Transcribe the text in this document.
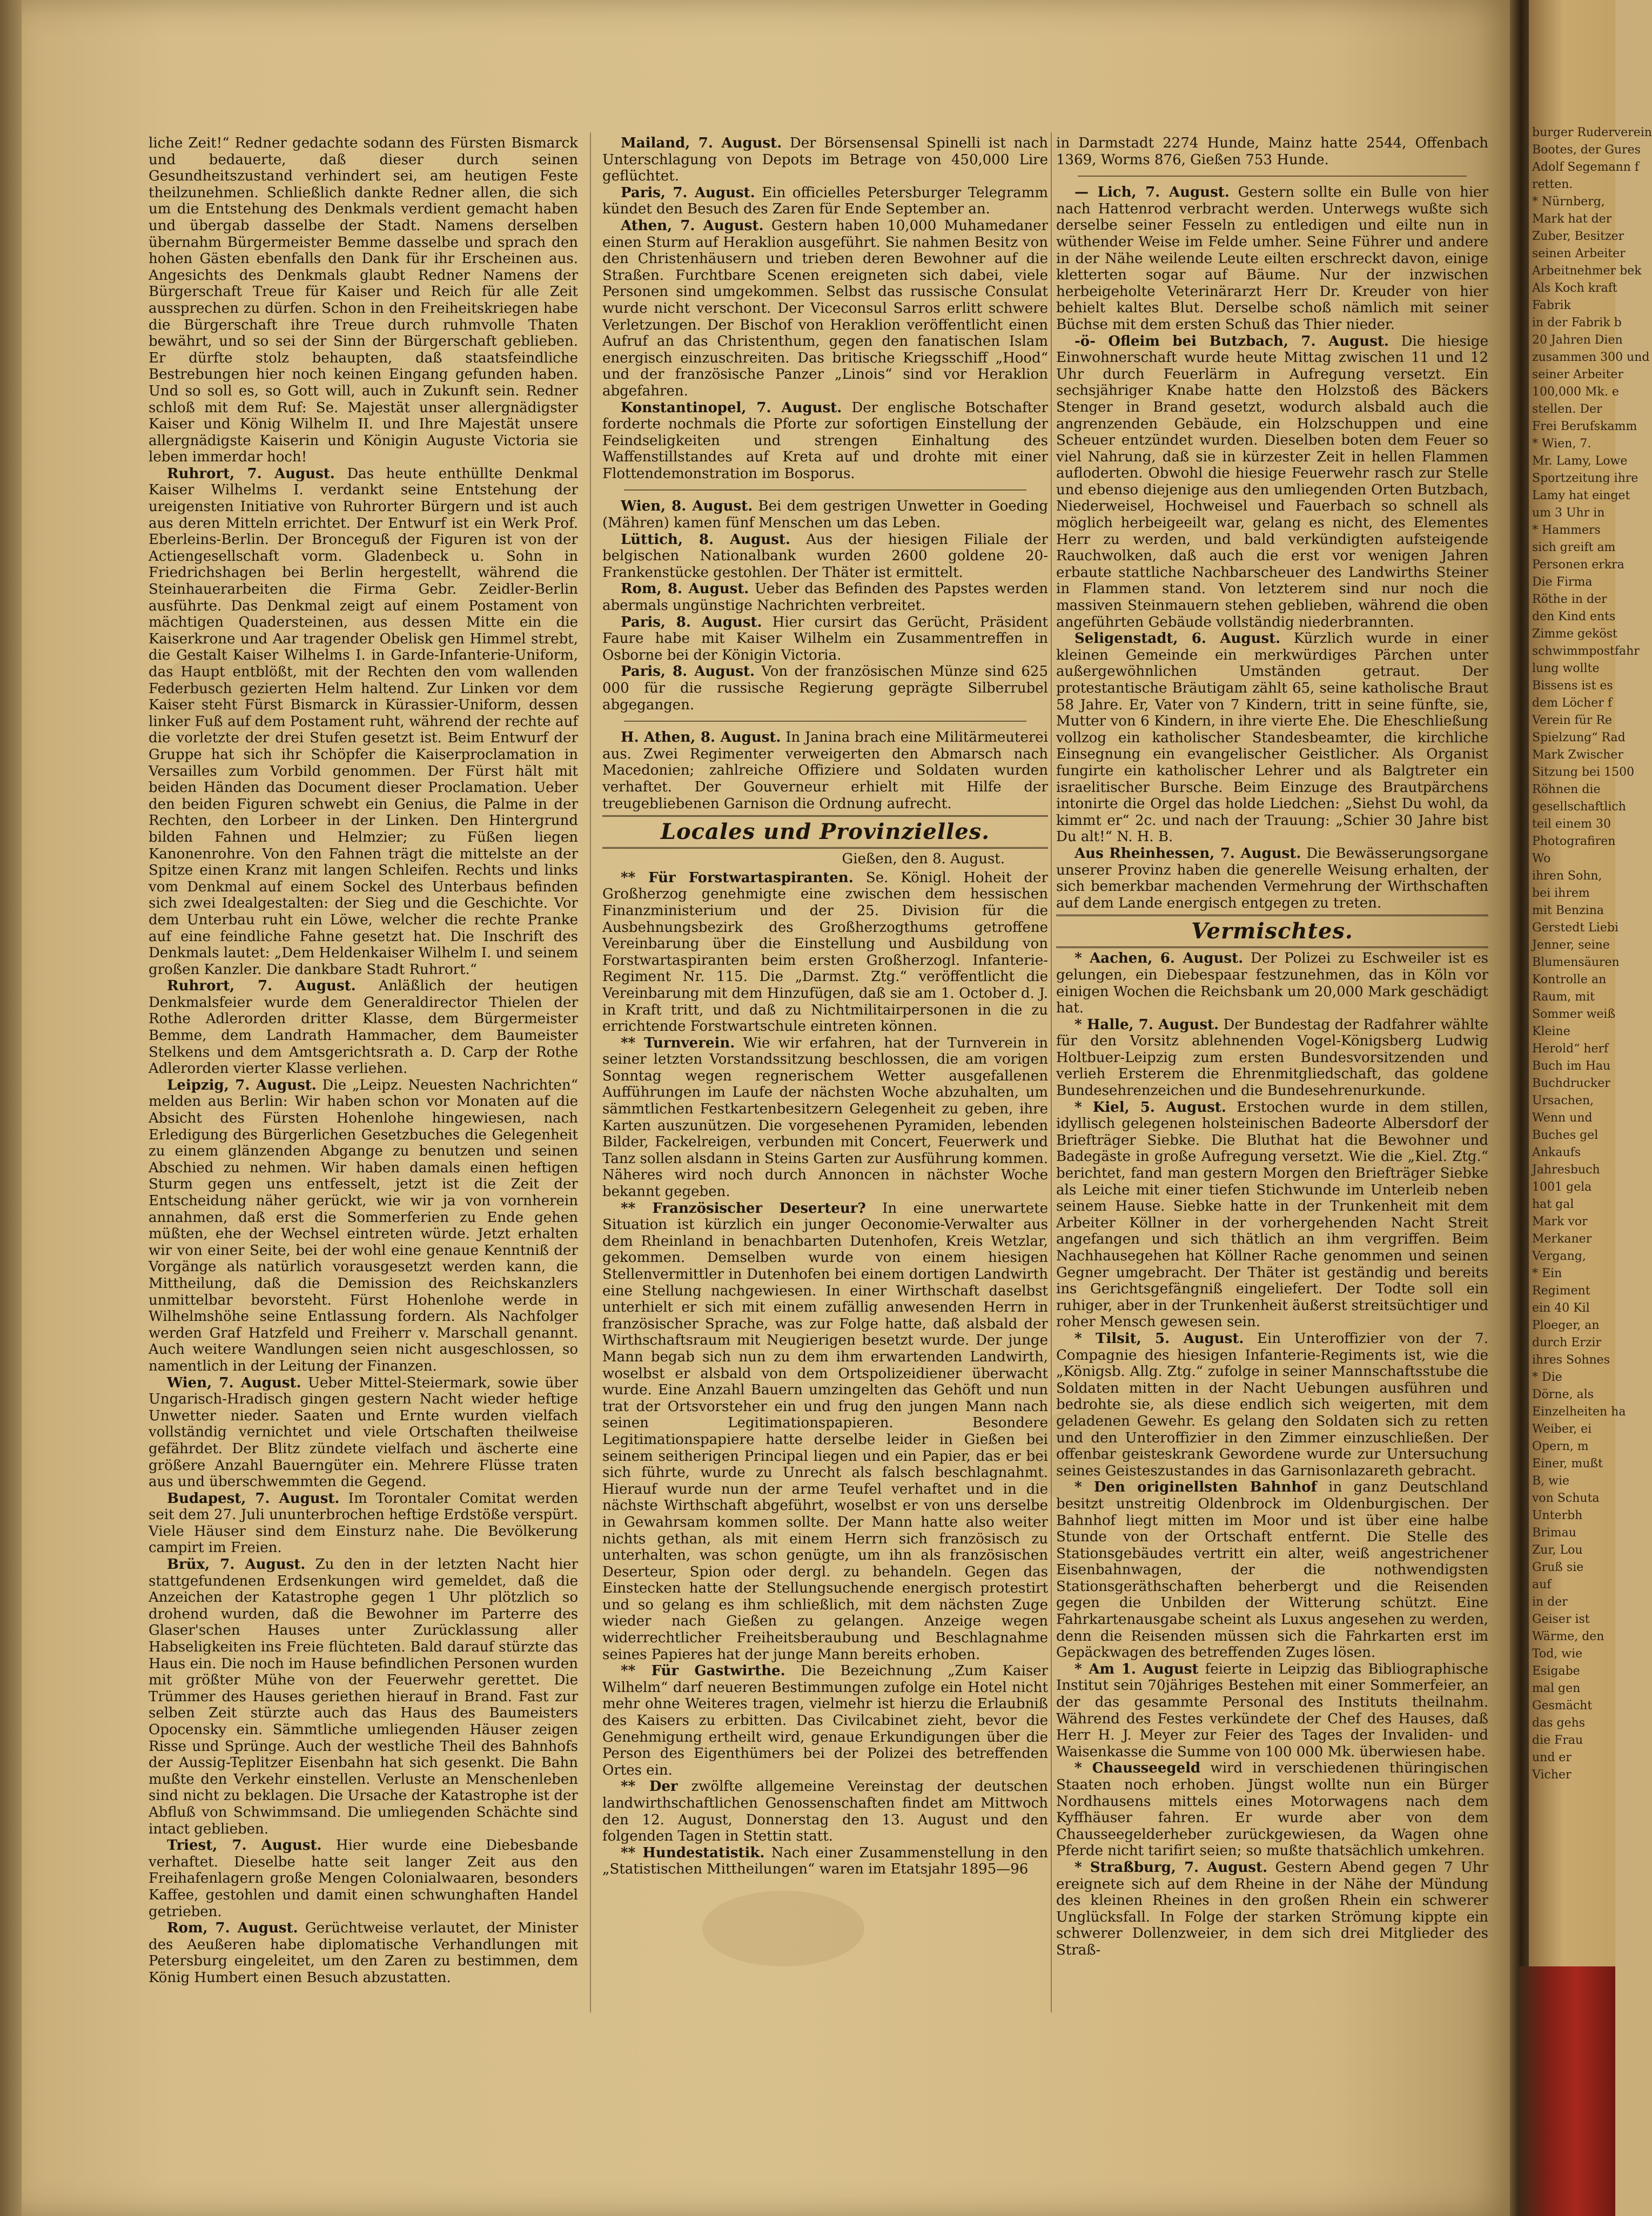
liche Zeit!“ Redner gedachte sodann des Fürsten Bismarck und bedauerte, daß dieser durch seinen Gesundheitszustand verhindert sei, am heutigen Feste theilzunehmen. Schließlich dankte Redner allen, die sich um die Entstehung des Denkmals verdient gemacht haben und übergab dasselbe der Stadt. Namens derselben übernahm Bürgermeister Bemme dasselbe und sprach den hohen Gästen ebenfalls den Dank für ihr Erscheinen aus. Angesichts des Denkmals glaubt Redner Namens der Bürgerschaft Treue für Kaiser und Reich für alle Zeit aussprechen zu dürfen. Schon in den Freiheitskriegen habe die Bürgerschaft ihre Treue durch ruhmvolle Thaten bewährt, und so sei der Sinn der Bürgerschaft geblieben. Er dürfte stolz behaupten, daß staatsfeindliche Bestrebungen hier noch keinen Eingang gefunden haben. Und so soll es, so Gott will, auch in Zukunft sein. Redner schloß mit dem Ruf: Se. Majestät unser allergnädigster Kaiser und König Wilhelm II. und Ihre Majestät unsere allergnädigste Kaiserin und Königin Auguste Victoria sie leben immerdar hoch!

Ruhrort, 7. August. Das heute enthüllte Denkmal Kaiser Wilhelms I. verdankt seine Entstehung der ureigensten Initiative von Ruhrorter Bürgern und ist auch aus deren Mitteln errichtet. Der Entwurf ist ein Werk Prof. Eberleins-Berlin. Der Bronceguß der Figuren ist von der Actiengesellschaft vorm. Gladenbeck u. Sohn in Friedrichshagen bei Berlin hergestellt, während die Steinhauerarbeiten die Firma Gebr. Zeidler-Berlin ausführte. Das Denkmal zeigt auf einem Postament von mächtigen Quadersteinen, aus dessen Mitte ein die Kaiserkrone und Aar tragender Obelisk gen Himmel strebt, die Gestalt Kaiser Wilhelms I. in Garde-Infanterie-Uniform, das Haupt entblößt, mit der Rechten den vom wallenden Federbusch gezierten Helm haltend. Zur Linken vor dem Kaiser steht Fürst Bismarck in Kürassier-Uniform, dessen linker Fuß auf dem Postament ruht, während der rechte auf die vorletzte der drei Stufen gesetzt ist. Beim Entwurf der Gruppe hat sich ihr Schöpfer die Kaiserproclamation in Versailles zum Vorbild genommen. Der Fürst hält mit beiden Händen das Document dieser Proclamation. Ueber den beiden Figuren schwebt ein Genius, die Palme in der Rechten, den Lorbeer in der Linken. Den Hintergrund bilden Fahnen und Helmzier; zu Füßen liegen Kanonenrohre. Von den Fahnen trägt die mittelste an der Spitze einen Kranz mit langen Schleifen. Rechts und links vom Denkmal auf einem Sockel des Unterbaus befinden sich zwei Idealgestalten: der Sieg und die Geschichte. Vor dem Unterbau ruht ein Löwe, welcher die rechte Pranke auf eine feindliche Fahne gesetzt hat. Die Inschrift des Denkmals lautet: „Dem Heldenkaiser Wilhelm I. und seinem großen Kanzler. Die dankbare Stadt Ruhrort.“

Ruhrort, 7. August. Anläßlich der heutigen Denkmalsfeier wurde dem Generaldirector Thielen der Rothe Adlerorden dritter Klasse, dem Bürgermeister Bemme, dem Landrath Hammacher, dem Baumeister Stelkens und dem Amtsgerichtsrath a. D. Carp der Rothe Adlerorden vierter Klasse verliehen.

Leipzig, 7. August. Die „Leipz. Neuesten Nachrichten“ melden aus Berlin: Wir haben schon vor Monaten auf die Absicht des Fürsten Hohenlohe hingewiesen, nach Erledigung des Bürgerlichen Gesetzbuches die Gelegenheit zu einem glänzenden Abgange zu benutzen und seinen Abschied zu nehmen. Wir haben damals einen heftigen Sturm gegen uns entfesselt, jetzt ist die Zeit der Entscheidung näher gerückt, wie wir ja von vornherein annahmen, daß erst die Sommerferien zu Ende gehen müßten, ehe der Wechsel eintreten würde. Jetzt erhalten wir von einer Seite, bei der wohl eine genaue Kenntniß der Vorgänge als natürlich vorausgesetzt werden kann, die Mittheilung, daß die Demission des Reichskanzlers unmittelbar bevorsteht. Fürst Hohenlohe werde in Wilhelmshöhe seine Entlassung fordern. Als Nachfolger werden Graf Hatzfeld und Freiherr v. Marschall genannt. Auch weitere Wandlungen seien nicht ausgeschlossen, so namentlich in der Leitung der Finanzen.

Wien, 7. August. Ueber Mittel-Steiermark, sowie über Ungarisch-Hradisch gingen gestern Nacht wieder heftige Unwetter nieder. Saaten und Ernte wurden vielfach vollständig vernichtet und viele Ortschaften theilweise gefährdet. Der Blitz zündete vielfach und äscherte eine größere Anzahl Bauerngüter ein. Mehrere Flüsse traten aus und überschwemmten die Gegend.

Budapest, 7. August. Im Torontaler Comitat werden seit dem 27. Juli ununterbrochen heftige Erdstöße verspürt. Viele Häuser sind dem Einsturz nahe. Die Bevölkerung campirt im Freien.

Brüx, 7. August. Zu den in der letzten Nacht hier stattgefundenen Erdsenkungen wird gemeldet, daß die Anzeichen der Katastrophe gegen 1 Uhr plötzlich so drohend wurden, daß die Bewohner im Parterre des Glaser'schen Hauses unter Zurücklassung aller Habseligkeiten ins Freie flüchteten. Bald darauf stürzte das Haus ein. Die noch im Hause befindlichen Personen wurden mit größter Mühe von der Feuerwehr gerettet. Die Trümmer des Hauses geriethen hierauf in Brand. Fast zur selben Zeit stürzte auch das Haus des Baumeisters Opocensky ein. Sämmtliche umliegenden Häuser zeigen Risse und Sprünge. Auch der westliche Theil des Bahnhofs der Aussig-Teplitzer Eisenbahn hat sich gesenkt. Die Bahn mußte den Verkehr einstellen. Verluste an Menschenleben sind nicht zu beklagen. Die Ursache der Katastrophe ist der Abfluß von Schwimmsand. Die umliegenden Schächte sind intact geblieben.

Triest, 7. August. Hier wurde eine Diebesbande verhaftet. Dieselbe hatte seit langer Zeit aus den Freihafenlagern große Mengen Colonialwaaren, besonders Kaffee, gestohlen und damit einen schwunghaften Handel getrieben.

Rom, 7. August. Gerüchtweise verlautet, der Minister des Aeußeren habe diplomatische Verhandlungen mit Petersburg eingeleitet, um den Zaren zu bestimmen, dem König Humbert einen Besuch abzustatten.

Mailand, 7. August. Der Börsensensal Spinelli ist nach Unterschlagung von Depots im Betrage von 450,000 Lire geflüchtet.

Paris, 7. August. Ein officielles Petersburger Telegramm kündet den Besuch des Zaren für Ende September an.

Athen, 7. August. Gestern haben 10,000 Muhamedaner einen Sturm auf Heraklion ausgeführt. Sie nahmen Besitz von den Christenhäusern und trieben deren Bewohner auf die Straßen. Furchtbare Scenen ereigneten sich dabei, viele Personen sind umgekommen. Selbst das russische Consulat wurde nicht verschont. Der Viceconsul Sarros erlitt schwere Verletzungen. Der Bischof von Heraklion veröffentlicht einen Aufruf an das Christenthum, gegen den fanatischen Islam energisch einzuschreiten. Das britische Kriegsschiff „Hood“ und der französische Panzer „Linois“ sind vor Heraklion abgefahren.

Konstantinopel, 7. August. Der englische Botschafter forderte nochmals die Pforte zur sofortigen Einstellung der Feindseligkeiten und strengen Einhaltung des Waffenstillstandes auf Kreta auf und drohte mit einer Flottendemonstration im Bosporus.

Wien, 8. August. Bei dem gestrigen Unwetter in Goeding (Mähren) kamen fünf Menschen um das Leben.

Lüttich, 8. August. Aus der hiesigen Filiale der belgischen Nationalbank wurden 2600 goldene 20-Frankenstücke gestohlen. Der Thäter ist ermittelt.

Rom, 8. August. Ueber das Befinden des Papstes werden abermals ungünstige Nachrichten verbreitet.

Paris, 8. August. Hier cursirt das Gerücht, Präsident Faure habe mit Kaiser Wilhelm ein Zusammentreffen in Osborne bei der Königin Victoria.

Paris, 8. August. Von der französischen Münze sind 625 000 für die russische Regierung geprägte Silberrubel abgegangen.

H. Athen, 8. August. In Janina brach eine Militärmeuterei aus. Zwei Regimenter verweigerten den Abmarsch nach Macedonien; zahlreiche Offiziere und Soldaten wurden verhaftet. Der Gouverneur erhielt mit Hilfe der treugebliebenen Garnison die Ordnung aufrecht.

Locales und Provinzielles.
Gießen, den 8. August.

** Für Forstwartaspiranten. Se. Königl. Hoheit der Großherzog genehmigte eine zwischen dem hessischen Finanzministerium und der 25. Division für die Ausbehnungsbezirk des Großherzogthums getroffene Vereinbarung über die Einstellung und Ausbildung von Forstwartaspiranten beim ersten Großherzogl. Infanterie-Regiment Nr. 115. Die „Darmst. Ztg.“ veröffentlicht die Vereinbarung mit dem Hinzufügen, daß sie am 1. October d. J. in Kraft tritt, und daß zu Nichtmilitairpersonen in die zu errichtende Forstwartschule eintreten können.

** Turnverein. Wie wir erfahren, hat der Turnverein in seiner letzten Vorstandssitzung beschlossen, die am vorigen Sonntag wegen regnerischem Wetter ausgefallenen Aufführungen im Laufe der nächsten Woche abzuhalten, um sämmtlichen Festkartenbesitzern Gelegenheit zu geben, ihre Karten auszunützen. Die vorgesehenen Pyramiden, lebenden Bilder, Fackelreigen, verbunden mit Concert, Feuerwerk und Tanz sollen alsdann in Steins Garten zur Ausführung kommen. Näheres wird noch durch Annoncen in nächster Woche bekannt gegeben.

** Französischer Deserteur? In eine unerwartete Situation ist kürzlich ein junger Oeconomie-Verwalter aus dem Rheinland in benachbarten Dutenhofen, Kreis Wetzlar, gekommen. Demselben wurde von einem hiesigen Stellenvermittler in Dutenhofen bei einem dortigen Landwirth eine Stellung nachgewiesen. In einer Wirthschaft daselbst unterhielt er sich mit einem zufällig anwesenden Herrn in französischer Sprache, was zur Folge hatte, daß alsbald der Wirthschaftsraum mit Neugierigen besetzt wurde. Der junge Mann begab sich nun zu dem ihm erwartenden Landwirth, woselbst er alsbald von dem Ortspolizeidiener überwacht wurde. Eine Anzahl Bauern umzingelten das Gehöft und nun trat der Ortsvorsteher ein und frug den jungen Mann nach seinen Legitimationspapieren. Besondere Legitimationspapiere hatte derselbe leider in Gießen bei seinem seitherigen Principal liegen und ein Papier, das er bei sich führte, wurde zu Unrecht als falsch beschlagnahmt. Hierauf wurde nun der arme Teufel verhaftet und in die nächste Wirthschaft abgeführt, woselbst er von uns derselbe in Gewahrsam kommen sollte. Der Mann hatte also weiter nichts gethan, als mit einem Herrn sich französisch zu unterhalten, was schon genügte, um ihn als französischen Deserteur, Spion oder dergl. zu behandeln. Gegen das Einstecken hatte der Stellungsuchende energisch protestirt und so gelang es ihm schließlich, mit dem nächsten Zuge wieder nach Gießen zu gelangen. Anzeige wegen widerrechtlicher Freiheitsberaubung und Beschlagnahme seines Papieres hat der junge Mann bereits erhoben.

** Für Gastwirthe. Die Bezeichnung „Zum Kaiser Wilhelm“ darf neueren Bestimmungen zufolge ein Hotel nicht mehr ohne Weiteres tragen, vielmehr ist hierzu die Erlaubniß des Kaisers zu erbitten. Das Civilcabinet zieht, bevor die Genehmigung ertheilt wird, genaue Erkundigungen über die Person des Eigenthümers bei der Polizei des betreffenden Ortes ein.

** Der zwölfte allgemeine Vereinstag der deutschen landwirthschaftlichen Genossenschaften findet am Mittwoch den 12. August, Donnerstag den 13. August und den folgenden Tagen in Stettin statt.

** Hundestatistik. Nach einer Zusammenstellung in den „Statistischen Mittheilungen“ waren im Etatsjahr 1895—96

in Darmstadt 2274 Hunde, Mainz hatte 2544, Offenbach 1369, Worms 876, Gießen 753 Hunde.

— Lich, 7. August. Gestern sollte ein Bulle von hier nach Hattenrod verbracht werden. Unterwegs wußte sich derselbe seiner Fesseln zu entledigen und eilte nun in wüthender Weise im Felde umher. Seine Führer und andere in der Nähe weilende Leute eilten erschreckt davon, einige kletterten sogar auf Bäume. Nur der inzwischen herbeigeholte Veterinärarzt Herr Dr. Kreuder von hier behielt kaltes Blut. Derselbe schoß nämlich mit seiner Büchse mit dem ersten Schuß das Thier nieder.

-ö- Ofleim bei Butzbach, 7. August. Die hiesige Einwohnerschaft wurde heute Mittag zwischen 11 und 12 Uhr durch Feuerlärm in Aufregung versetzt. Ein sechsjähriger Knabe hatte den Holzstoß des Bäckers Stenger in Brand gesetzt, wodurch alsbald auch die angrenzenden Gebäude, ein Holzschuppen und eine Scheuer entzündet wurden. Dieselben boten dem Feuer so viel Nahrung, daß sie in kürzester Zeit in hellen Flammen aufloderten. Obwohl die hiesige Feuerwehr rasch zur Stelle und ebenso diejenige aus den umliegenden Orten Butzbach, Niederweisel, Hochweisel und Fauerbach so schnell als möglich herbeigeeilt war, gelang es nicht, des Elementes Herr zu werden, und bald verkündigten aufsteigende Rauchwolken, daß auch die erst vor wenigen Jahren erbaute stattliche Nachbarscheuer des Landwirths Steiner in Flammen stand. Von letzterem sind nur noch die massiven Steinmauern stehen geblieben, während die oben angeführten Gebäude vollständig niederbrannten.

Seligenstadt, 6. August. Kürzlich wurde in einer kleinen Gemeinde ein merkwürdiges Pärchen unter außergewöhnlichen Umständen getraut. Der protestantische Bräutigam zählt 65, seine katholische Braut 58 Jahre. Er, Vater von 7 Kindern, tritt in seine fünfte, sie, Mutter von 6 Kindern, in ihre vierte Ehe. Die Eheschließung vollzog ein katholischer Standesbeamter, die kirchliche Einsegnung ein evangelischer Geistlicher. Als Organist fungirte ein katholischer Lehrer und als Balgtreter ein israelitischer Bursche. Beim Einzuge des Brautpärchens intonirte die Orgel das holde Liedchen: „Siehst Du wohl, da kimmt er“ 2c. und nach der Trauung: „Schier 30 Jahre bist Du alt!“ N. H. B.

Aus Rheinhessen, 7. August. Die Bewässerungsorgane unserer Provinz haben die generelle Weisung erhalten, der sich bemerkbar machenden Vermehrung der Wirthschaften auf dem Lande energisch entgegen zu treten.

Vermischtes.

* Aachen, 6. August. Der Polizei zu Eschweiler ist es gelungen, ein Diebespaar festzunehmen, das in Köln vor einigen Wochen die Reichsbank um 20,000 Mark geschädigt hat.

* Halle, 7. August. Der Bundestag der Radfahrer wählte für den Vorsitz ablehnenden Vogel-Königsberg Ludwig Holtbuer-Leipzig zum ersten Bundesvorsitzenden und verlieh Ersterem die Ehrenmitgliedschaft, das goldene Bundesehrenzeichen und die Bundesehrenurkunde.

* Kiel, 5. August. Erstochen wurde in dem stillen, idyllisch gelegenen holsteinischen Badeorte Albersdorf der Briefträger Siebke. Die Bluthat hat die Bewohner und Badegäste in große Aufregung versetzt. Wie die „Kiel. Ztg.“ berichtet, fand man gestern Morgen den Briefträger Siebke als Leiche mit einer tiefen Stichwunde im Unterleib neben seinem Hause. Siebke hatte in der Trunkenheit mit dem Arbeiter Köllner in der vorhergehenden Nacht Streit angefangen und sich thätlich an ihm vergriffen. Beim Nachhausegehen hat Köllner Rache genommen und seinen Gegner umgebracht. Der Thäter ist geständig und bereits ins Gerichtsgefängniß eingeliefert. Der Todte soll ein ruhiger, aber in der Trunkenheit äußerst streitsüchtiger und roher Mensch gewesen sein.

* Tilsit, 5. August. Ein Unteroffizier von der 7. Compagnie des hiesigen Infanterie-Regiments ist, wie die „Königsb. Allg. Ztg.“ zufolge in seiner Mannschaftsstube die Soldaten mitten in der Nacht Uebungen ausführen und bedrohte sie, als diese endlich sich weigerten, mit dem geladenen Gewehr. Es gelang den Soldaten sich zu retten und den Unteroffizier in den Zimmer einzuschließen. Der offenbar geisteskrank Gewordene wurde zur Untersuchung seines Geisteszustandes in das Garnisonlazareth gebracht.

* Den originellsten Bahnhof in ganz Deutschland besitzt unstreitig Oldenbrock im Oldenburgischen. Der Bahnhof liegt mitten im Moor und ist über eine halbe Stunde von der Ortschaft entfernt. Die Stelle des Stationsgebäudes vertritt ein alter, weiß angestrichener Eisenbahnwagen, der die nothwendigsten Stationsgeräthschaften beherbergt und die Reisenden gegen die Unbilden der Witterung schützt. Eine Fahrkartenausgabe scheint als Luxus angesehen zu werden, denn die Reisenden müssen sich die Fahrkarten erst im Gepäckwagen des betreffenden Zuges lösen.

* Am 1. August feierte in Leipzig das Bibliographische Institut sein 70jähriges Bestehen mit einer Sommerfeier, an der das gesammte Personal des Instituts theilnahm. Während des Festes verkündete der Chef des Hauses, daß Herr H. J. Meyer zur Feier des Tages der Invaliden- und Waisenkasse die Summe von 100 000 Mk. überwiesen habe.

* Chausseegeld wird in verschiedenen thüringischen Staaten noch erhoben. Jüngst wollte nun ein Bürger Nordhausens mittels eines Motorwagens nach dem Kyffhäuser fahren. Er wurde aber von dem Chausseegelderheber zurückgewiesen, da Wagen ohne Pferde nicht tarifirt seien; so mußte thatsächlich umkehren.

* Straßburg, 7. August. Gestern Abend gegen 7 Uhr ereignete sich auf dem Rheine in der Nähe der Mündung des kleinen Rheines in den großen Rhein ein schwerer Unglücksfall. In Folge der starken Strömung kippte ein schwerer Dollenzweier, in dem sich drei Mitglieder des Straß-

burger Ruderverein

Bootes, der Gures

Adolf Segemann f

retten.

* Nürnberg,

Mark hat der

Zuber, Besitzer

seinen Arbeiter

Arbeitnehmer bek

Als Koch kraft

Fabrik

in der Fabrik b

20 Jahren Dien

zusammen 300 und

seiner Arbeiter

100,000 Mk. e

stellen. Der

Frei Berufskamm

* Wien, 7.

Mr. Lamy, Lowe

Sportzeitung ihre

Lamy hat einget

um 3 Uhr in

* Hammers

sich greift am

Personen erkra

Die Firma

Röthe in der

den Kind ents

Zimme geköst

schwimmpostfahr

lung wollte

Bissens ist es

dem Löcher f

Verein für Re

Spielzung“ Rad

Mark Zwischer

Sitzung bei 1500

Röhnen die

gesellschaftlich

teil einem 30

Photografiren

Wo

ihren Sohn,

bei ihrem

mit Benzina

Gerstedt Liebi

Jenner, seine

Blumensäuren

Kontrolle an

Raum, mit

Sommer weiß

Kleine

Herold“ herf

Buch im Hau

Buchdrucker

Ursachen,

Wenn und

Buches gel

Ankaufs

Jahresbuch

1001 gela

hat gal

Mark vor

Merkaner

Vergang,

* Ein

Regiment

ein 40 Kil

Ploeger, an

durch Erzir

ihres Sohnes

* Die

Dörne, als

Einzelheiten ha

Weiber, ei

Opern, m

Einer, mußt

B, wie

von Schuta

Unterbh

Brimau

Zur, Lou

Gruß sie

auf

in der

Geiser ist

Wärme, den

Tod, wie

Esigabe

mal gen

Gesmächt

das gehs

die Frau

und er

Vicher
